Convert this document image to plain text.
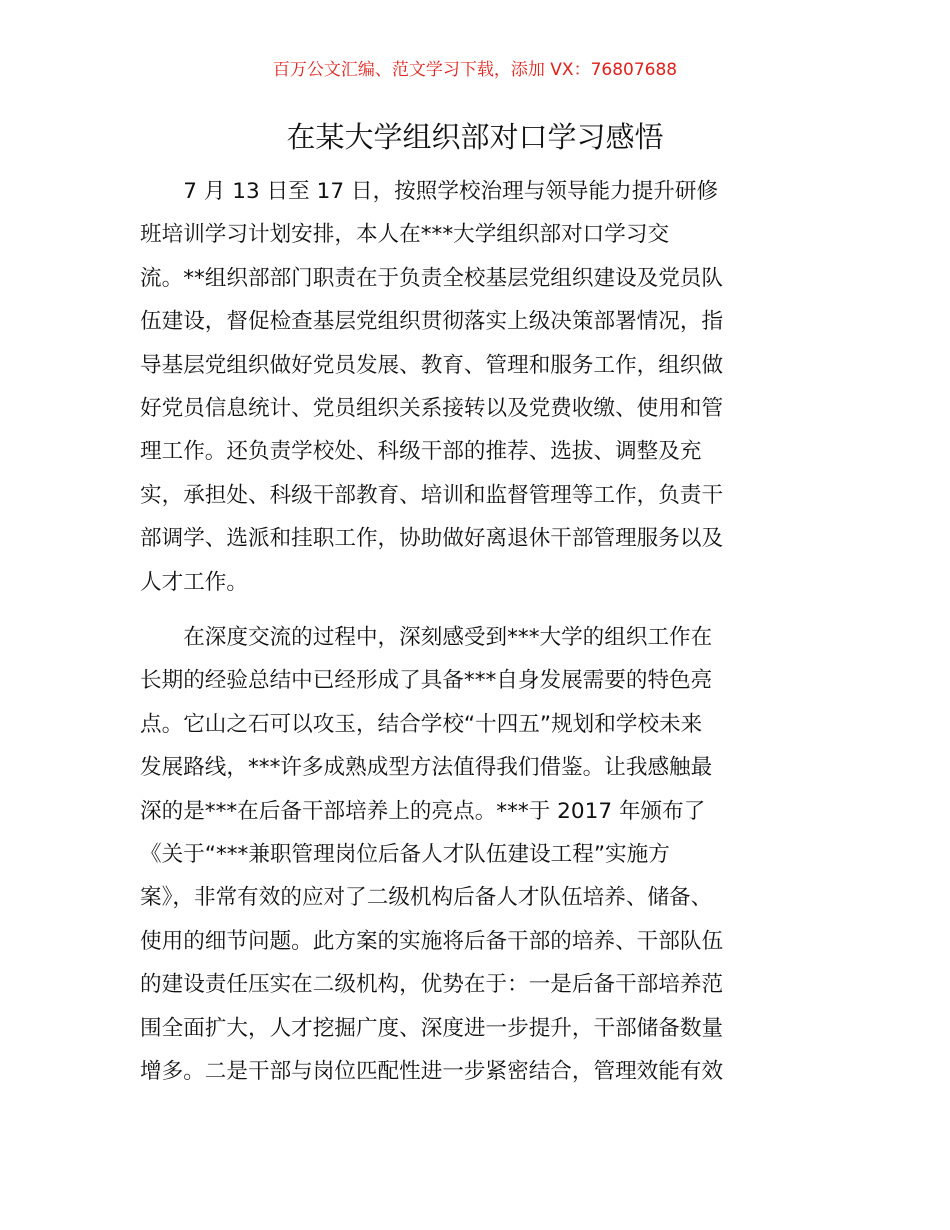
百万公文汇编、范文学习下载，添加 VX：76807688
在某大学组织部对口学习感悟
　　7 月 13 日至 17 日，按照学校治理与领导能力提升研修
班培训学习计划安排，本人在***大学组织部对口学习交
流。**组织部部门职责在于负责全校基层党组织建设及党员队
伍建设，督促检查基层党组织贯彻落实上级决策部署情况，指
导基层党组织做好党员发展、教育、管理和服务工作，组织做
好党员信息统计、党员组织关系接转以及党费收缴、使用和管
理工作。还负责学校处、科级干部的推荐、选拔、调整及充
实，承担处、科级干部教育、培训和监督管理等工作，负责干
部调学、选派和挂职工作，协助做好离退休干部管理服务以及
人才工作。
　　在深度交流的过程中，深刻感受到***大学的组织工作在
长期的经验总结中已经形成了具备***自身发展需要的特色亮
点。它山之石可以攻玉，结合学校“十四五”规划和学校未来
发展路线，***许多成熟成型方法值得我们借鉴。让我感触最
深的是***在后备干部培养上的亮点。***于 2017 年颁布了
《关于“***兼职管理岗位后备人才队伍建设工程”实施方
案》，非常有效的应对了二级机构后备人才队伍培养、储备、
使用的细节问题。此方案的实施将后备干部的培养、干部队伍
的建设责任压实在二级机构，优势在于：一是后备干部培养范
围全面扩大，人才挖掘广度、深度进一步提升，干部储备数量
增多。二是干部与岗位匹配性进一步紧密结合，管理效能有效
